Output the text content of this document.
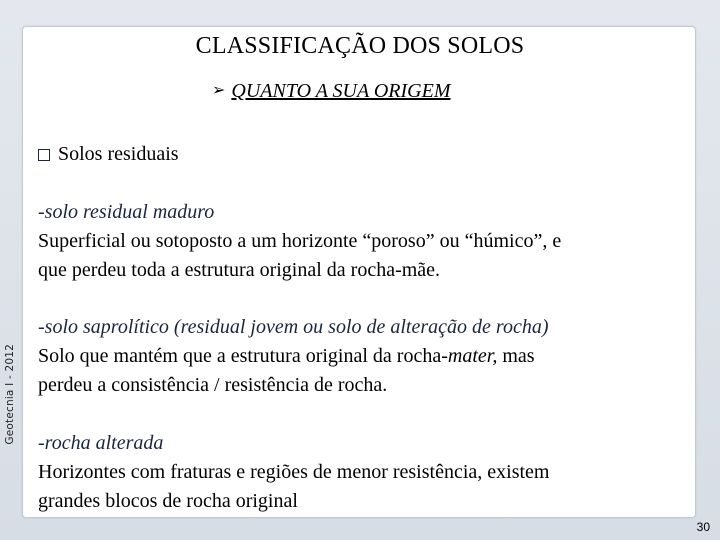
Geotecnia I - 2012
CLASSIFICAÇÃO DOS SOLOS
➢ QUANTO A SUA ORIGEM
Solos residuais
-solo residual maduro
Superficial ou sotoposto a um horizonte “poroso” ou “húmico”, e
que perdeu toda a estrutura original da rocha-mãe.
-solo saprolítico (residual jovem ou solo de alteração de rocha)
Solo que mantém que a estrutura original da rocha-mater, mas
perdeu a consistência / resistência de rocha.
-rocha alterada
Horizontes com fraturas e regiões de menor resistência, existem
grandes blocos de rocha original
30
